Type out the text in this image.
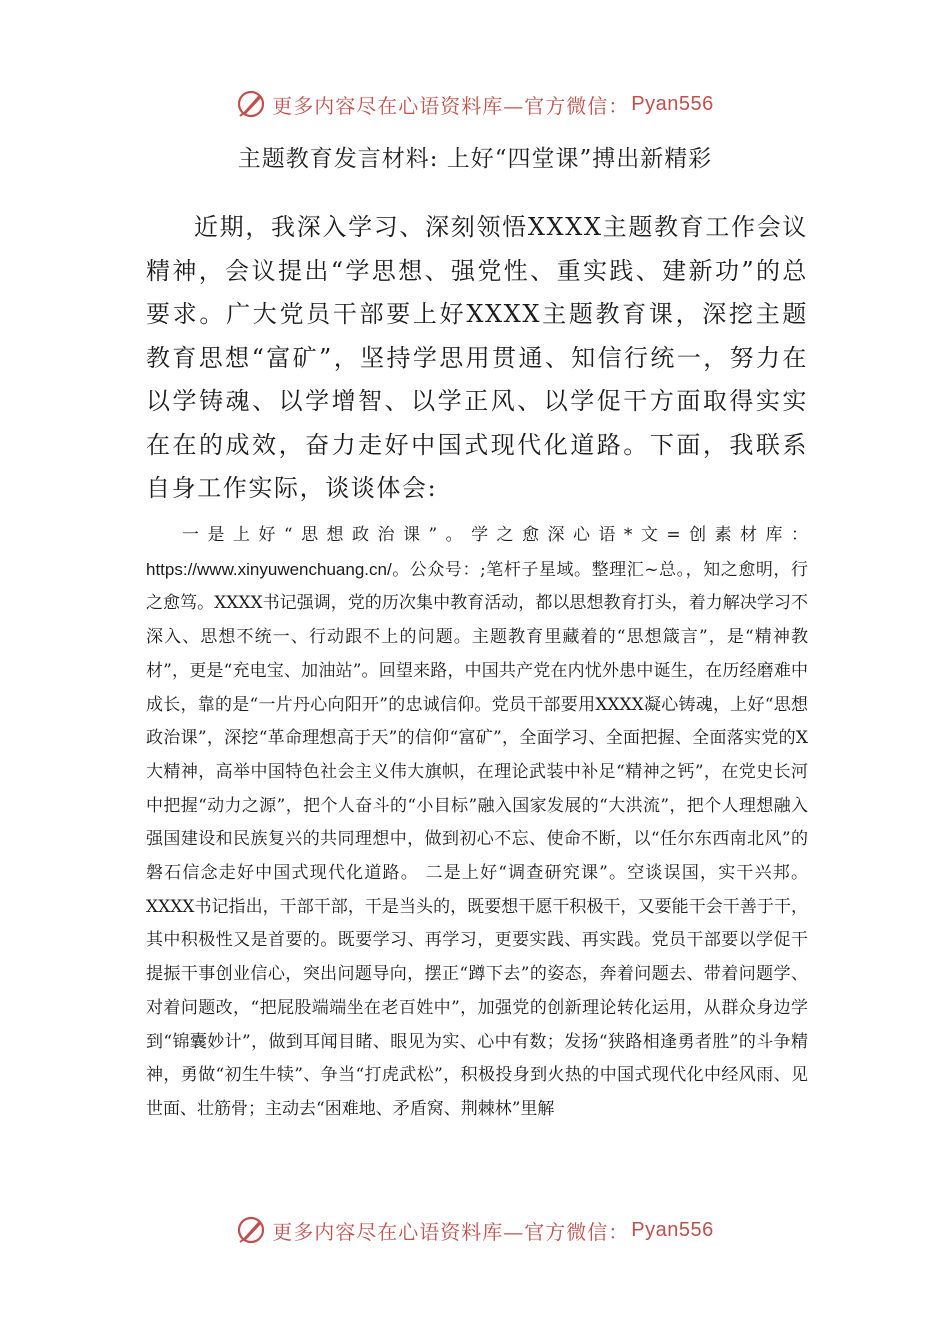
更多内容尽在心语资料库—官方微信： Pyan556
主题教育发言材料: 上好“四堂课”搏出新精彩

近期，我深入学习、深刻领悟XXXX主题教育工作会议精神，会议提出“学思想、强党性、重实践、建新功”的总要求。广大党员干部要上好XXXX主题教育课，深挖主题教育思想“富矿”，坚持学思用贯通、知信行统一，努力在以学铸魂、以学增智、以学正风、以学促干方面取得实实在在的成效，奋力走好中国式现代化道路。下面，我联系自身工作实际，谈谈体会:

一是上好“思想政治课”。学之愈深心语*文=创素材库： https://www.xinyuwenchuang.cn/。公众号：;笔杆子星域。整理汇~总。，知之愈明，行之愈笃。XXXX书记强调，党的历次集中教育活动，都以思想教育打头，着力解决学习不深入、思想不统一、行动跟不上的问题。主题教育里藏着的“思想箴言”，是“精神教材”，更是“充电宝、加油站”。回望来路，中国共产党在内忧外患中诞生，在历经磨难中成长，靠的是“一片丹心向阳开”的忠诚信仰。党员干部要用XXXX凝心铸魂，上好“思想政治课”，深挖“革命理想高于天”的信仰“富矿”，全面学习、全面把握、全面落实党的X大精神，高举中国特色社会主义伟大旗帜，在理论武装中补足“精神之钙”，在党史长河中把握“动力之源”，把个人奋斗的“小目标”融入国家发展的“大洪流”，把个人理想融入强国建设和民族复兴的共同理想中，做到初心不忘、使命不断，以“任尔东西南北风”的磐石信念走好中国式现代化道路。 二是上好“调查研究课”。空谈误国，实干兴邦。XXXX书记指出，干部干部，干是当头的，既要想干愿干积极干，又要能干会干善于干，其中积极性又是首要的。既要学习、再学习，更要实践、再实践。党员干部要以学促干提振干事创业信心，突出问题导向，摆正“蹲下去”的姿态，奔着问题去、带着问题学、对着问题改，“把屁股端端坐在老百姓中”，加强党的创新理论转化运用，从群众身边学到“锦囊妙计”，做到耳闻目睹、眼见为实、心中有数；发扬“狭路相逢勇者胜”的斗争精神，勇做“初生牛犊”、争当“打虎武松”，积极投身到火热的中国式现代化中经风雨、见世面、壮筋骨；主动去“困难地、矛盾窝、荆棘林”里解

更多内容尽在心语资料库—官方微信： Pyan556
